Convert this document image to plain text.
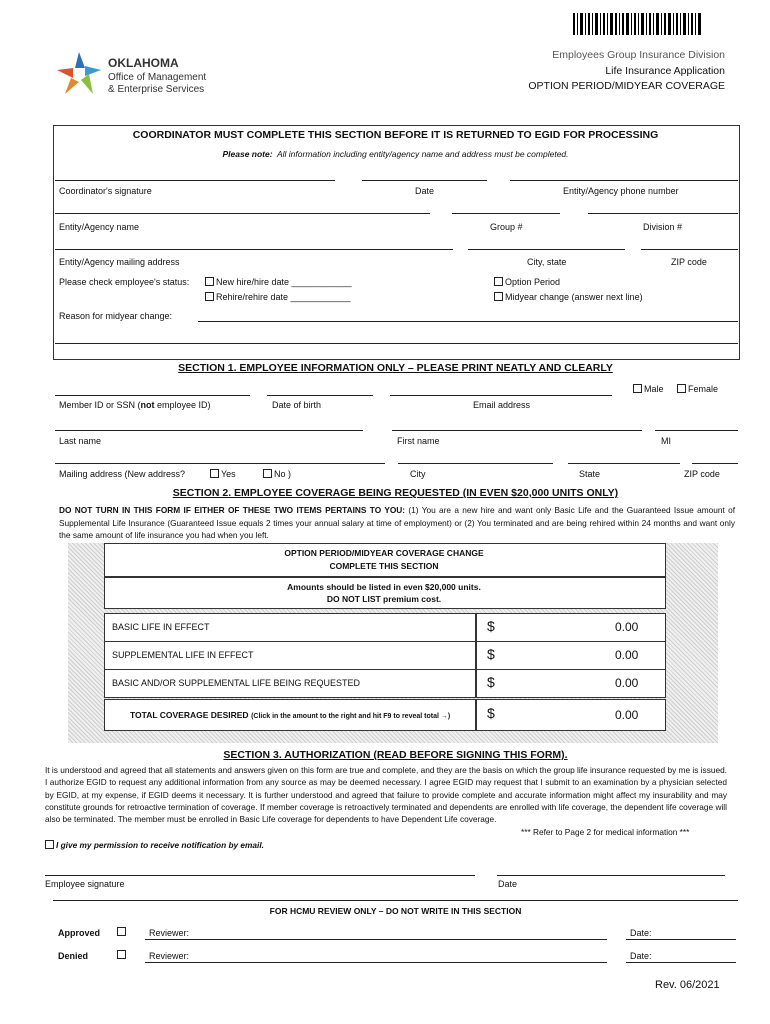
OKLAHOMA
Office of Management
& Enterprise Services
Employees Group Insurance Division
Life Insurance Application
OPTION PERIOD/MIDYEAR COVERAGE
COORDINATOR MUST COMPLETE THIS SECTION BEFORE IT IS RETURNED TO EGID FOR PROCESSING
Please note: All information including entity/agency name and address must be completed.
Coordinator's signature	Date	Entity/Agency phone number
Entity/Agency name	Group #	Division #
Entity/Agency mailing address	City, state	ZIP code
Please check employee's status:	New hire/hire date ____________
Rehire/rehire date ____________
Option Period
Midyear change (answer next line)
Reason for midyear change:
SECTION 1. EMPLOYEE INFORMATION ONLY – PLEASE PRINT NEATLY AND CLEARLY
Male	Female
Member ID or SSN (not employee ID)	Date of birth	Email address
Last name	First name	MI
Mailing address (New address?	Yes	No )	City	State	ZIP code
SECTION 2. EMPLOYEE COVERAGE BEING REQUESTED (IN EVEN $20,000 UNITS ONLY)
DO NOT TURN IN THIS FORM IF EITHER OF THESE TWO ITEMS PERTAINS TO YOU: (1) You are a new hire and want only Basic Life and the Guaranteed Issue amount of Supplemental Life Insurance (Guaranteed Issue equals 2 times your annual salary at time of employment) or (2) You terminated and are being rehired within 24 months and want only the same amount of life insurance you had when you left.
OPTION PERIOD/MIDYEAR COVERAGE CHANGE
COMPLETE THIS SECTION
Amounts should be listed in even $20,000 units.
DO NOT LIST premium cost.
BASIC LIFE IN EFFECT	$	0.00
SUPPLEMENTAL LIFE IN EFFECT	$	0.00
BASIC AND/OR SUPPLEMENTAL LIFE BEING REQUESTED	$	0.00
TOTAL COVERAGE DESIRED (Click in the amount to the right and hit F9 to reveal total →)	$	0.00
SECTION 3. AUTHORIZATION (READ BEFORE SIGNING THIS FORM).
It is understood and agreed that all statements and answers given on this form are true and complete, and they are the basis on which the group life insurance requested by me is issued. I authorize EGID to request any additional information from any source as may be deemed necessary. I agree EGID may request that I submit to an examination by a physician selected by EGID, at my expense, if EGID deems it necessary. It is further understood and agreed that failure to provide complete and accurate information might affect my insurability and may constitute grounds for retroactive termination of coverage. If member coverage is retroactively terminated and dependents are enrolled with life coverage, the dependent life coverage will also be terminated. The member must be enrolled in Basic Life coverage for dependents to have Dependent Life coverage.
*** Refer to Page 2 for medical information ***
I give my permission to receive notification by email.
Employee signature	Date
FOR HCMU REVIEW ONLY – DO NOT WRITE IN THIS SECTION
Approved	Reviewer:	Date:
Denied	Reviewer:	Date:
Rev. 06/2021
